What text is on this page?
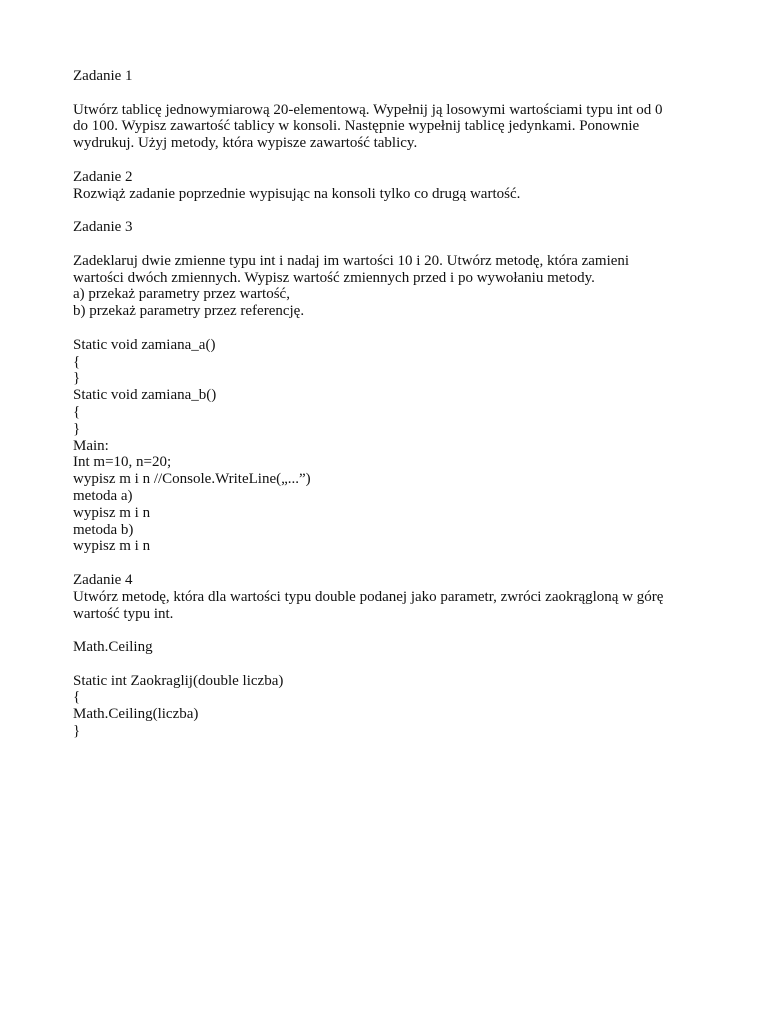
Zadanie 1
Utwórz tablicę jednowymiarową 20-elementową. Wypełnij ją losowymi wartościami typu int od 0
do 100. Wypisz zawartość tablicy w konsoli. Następnie wypełnij tablicę jedynkami. Ponownie
wydrukuj. Użyj metody, która wypisze zawartość tablicy.
Zadanie 2
Rozwiąż zadanie poprzednie wypisując na konsoli tylko co drugą wartość.
Zadanie 3
Zadeklaruj dwie zmienne typu int i nadaj im wartości 10 i 20. Utwórz metodę, która zamieni
wartości dwóch zmiennych. Wypisz wartość zmiennych przed i po wywołaniu metody.
a) przekaż parametry przez wartość,
b) przekaż parametry przez referencję.
Static void zamiana_a()
{
}
Static void zamiana_b()
{
}
Main:
Int m=10, n=20;
wypisz m i n //Console.WriteLine(„...”)
metoda a)
wypisz m i n
metoda b)
wypisz m i n
Zadanie 4
Utwórz metodę, która dla wartości typu double podanej jako parametr, zwróci zaokrągloną w górę
wartość typu int.
Math.Ceiling
Static int Zaokraglij(double liczba)
{
Math.Ceiling(liczba)
}
